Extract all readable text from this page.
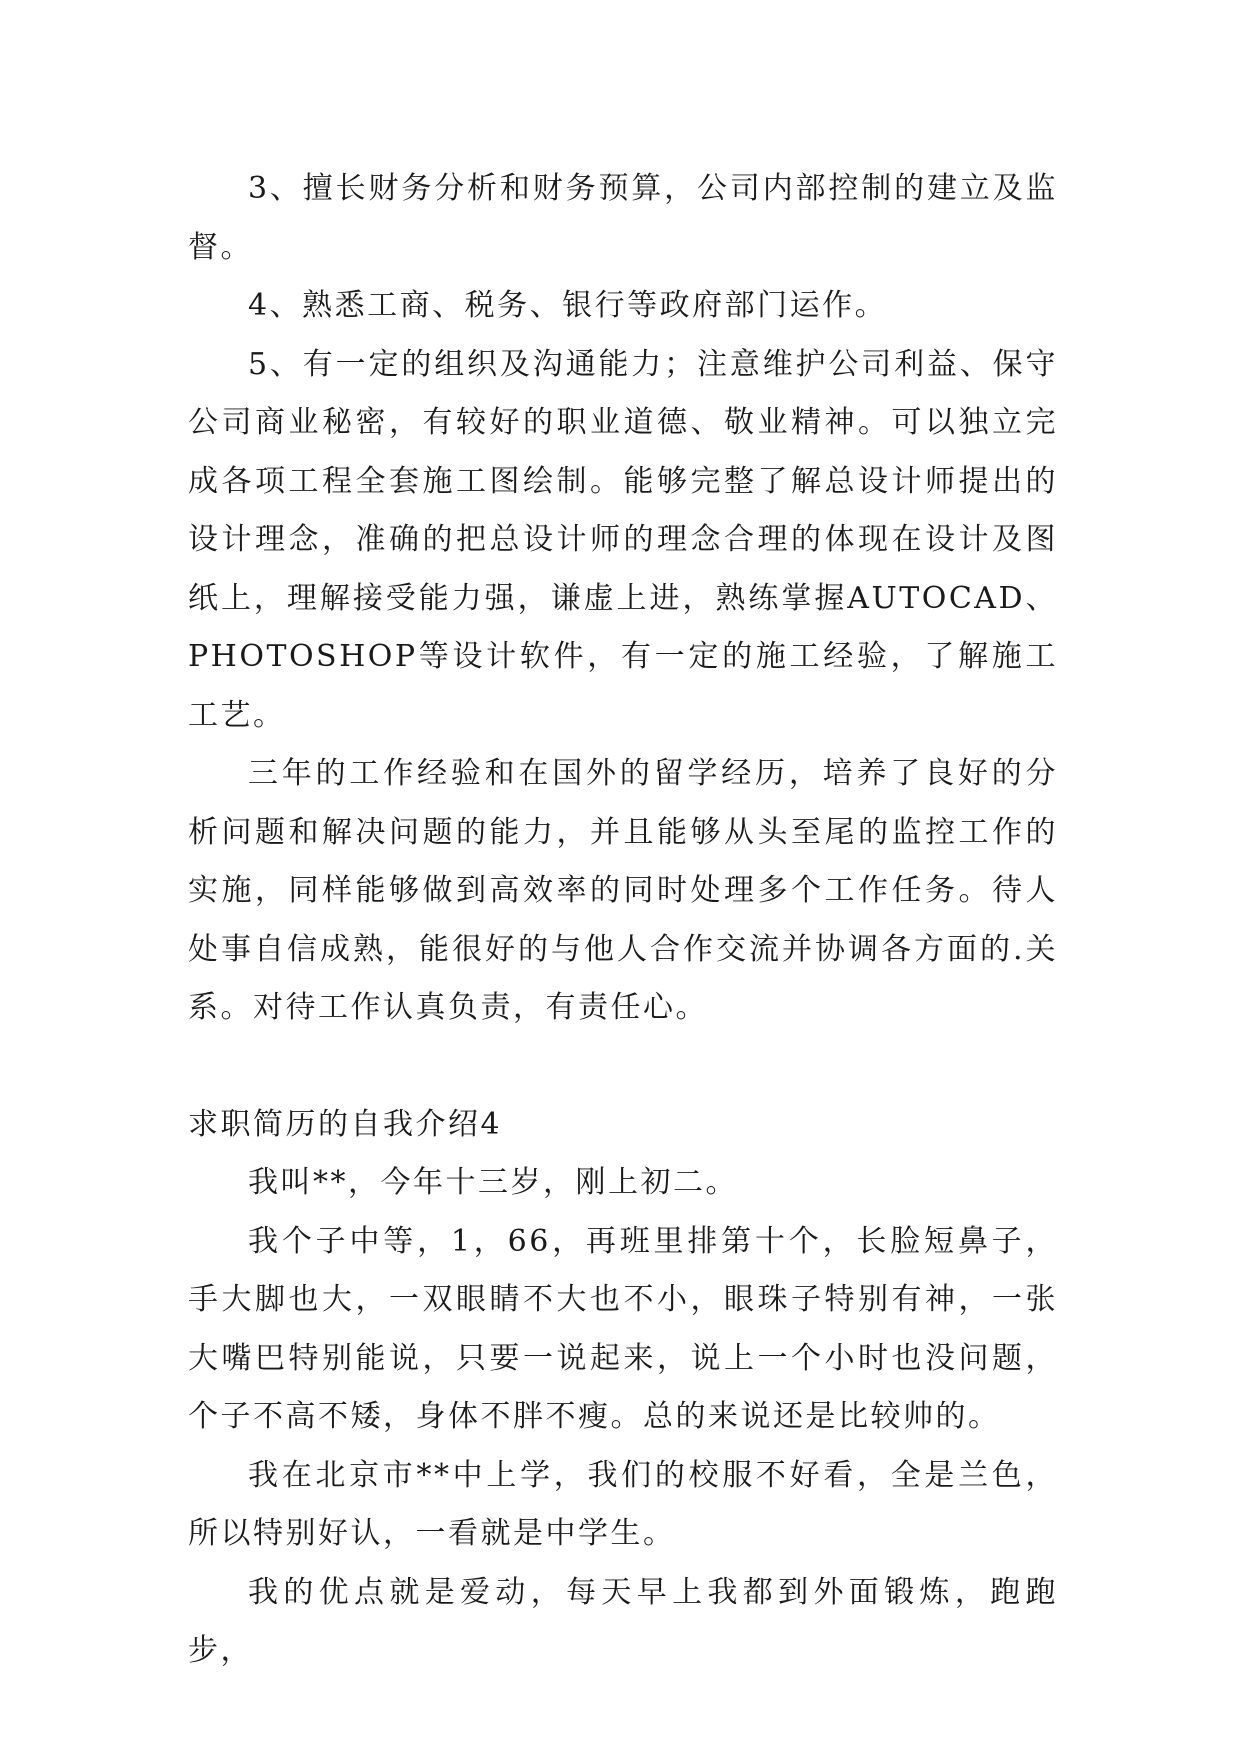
3、擅长财务分析和财务预算，公司内部控制的建立及监督。

4、熟悉工商、税务、银行等政府部门运作。

5、有一定的组织及沟通能力；注意维护公司利益、保守公司商业秘密，有较好的职业道德、敬业精神。可以独立完成各项工程全套施工图绘制。能够完整了解总设计师提出的设计理念，准确的把总设计师的理念合理的体现在设计及图纸上，理解接受能力强，谦虚上进，熟练掌握AUTOCAD、PHOTOSHOP等设计软件，有一定的施工经验，了解施工工艺。

三年的工作经验和在国外的留学经历，培养了良好的分析问题和解决问题的能力，并且能够从头至尾的监控工作的实施，同样能够做到高效率的同时处理多个工作任务。待人处事自信成熟，能很好的与他人合作交流并协调各方面的.关系。对待工作认真负责，有责任心。

求职简历的自我介绍4

我叫**，今年十三岁，刚上初二。

我个子中等，1，66，再班里排第十个，长脸短鼻子，手大脚也大，一双眼睛不大也不小，眼珠子特别有神，一张大嘴巴特别能说，只要一说起来，说上一个小时也没问题，个子不高不矮，身体不胖不瘦。总的来说还是比较帅的。

我在北京市**中上学，我们的校服不好看，全是兰色，所以特别好认，一看就是中学生。

我的优点就是爱动，每天早上我都到外面锻炼，跑跑步，
